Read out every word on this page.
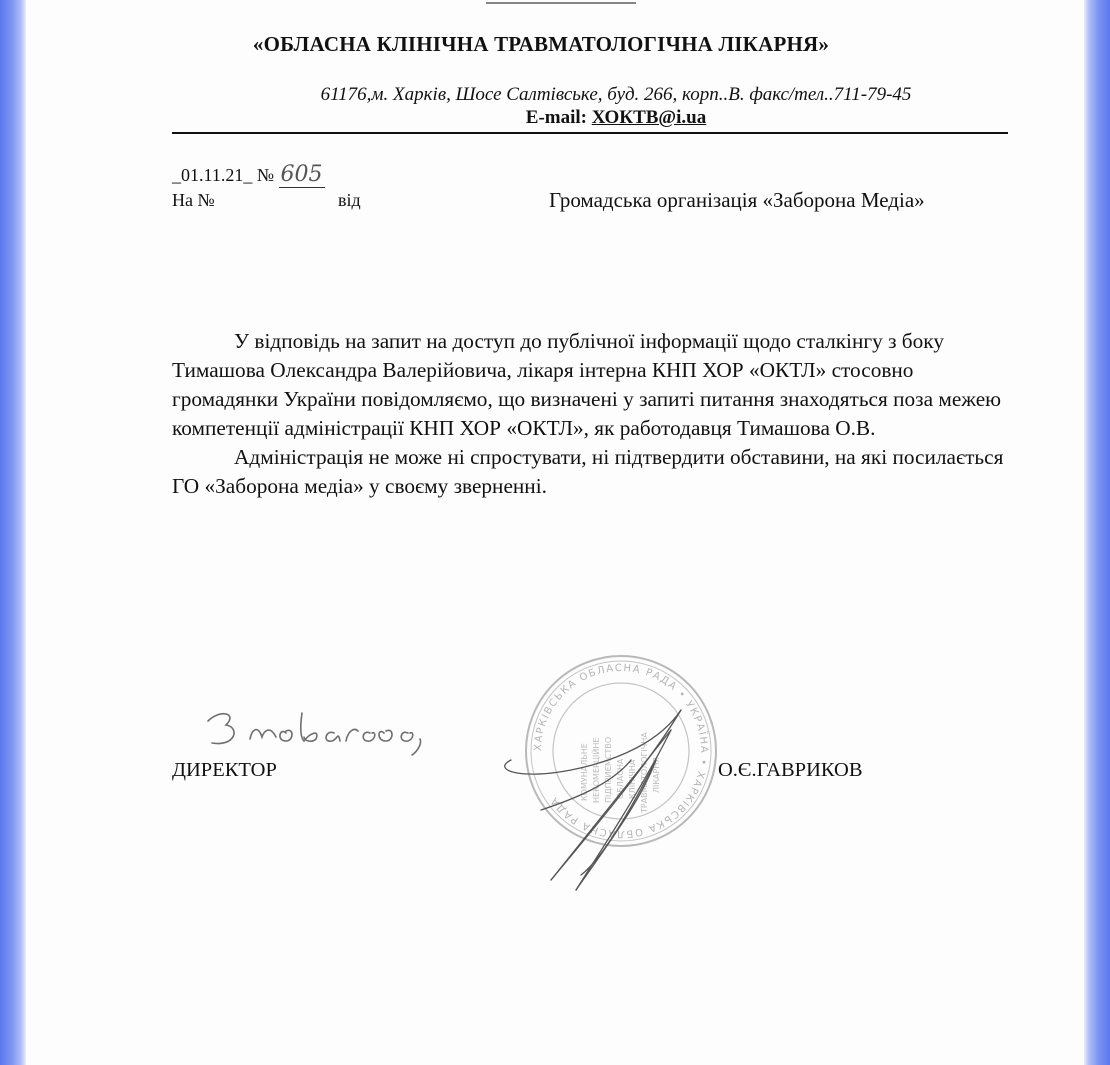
«ОБЛАСНА КЛІНІЧНА ТРАВМАТОЛОГІЧНА ЛІКАРНЯ»
61176,м. Харків, Шосе Салтівське, буд. 266, корп..В. факс/тел..711-79-45
E-mail: ХОКТВ@i.ua
_01.11.21_ № 605
На №	від	Громадська організація «Заборона Медіа»

У відповідь на запит на доступ до публічної інформації щодо сталкінгу з боку Тимашова Олександра Валерійовича, лікаря інтерна КНП ХОР «ОКТЛ» стосовно громадянки України повідомляємо, що визначені у запиті питання знаходяться поза межею компетенції адміністрації КНП ХОР «ОКТЛ», як работодавця Тимашова О.В.

Адміністрація не може ні спростувати, ні підтвердити обставини, на які посилається ГО «Заборона медіа» у своєму зверненні.

ДИРЕКТОР
ХАРКІВСЬКА ОБЛАСНА РАДА • УКРАЇНА • ХАРКІВСЬКА ОБЛАСНА РАДА	КОМУНАЛЬНЕ НЕКОМЕРЦІЙНЕ ПІДПРИЄМСТВО ОБЛАСНА КЛІНІЧНА ТРАВМАТОЛОГІЧНА ЛІКАРНЯ	О.Є.ГАВРИКОВ
